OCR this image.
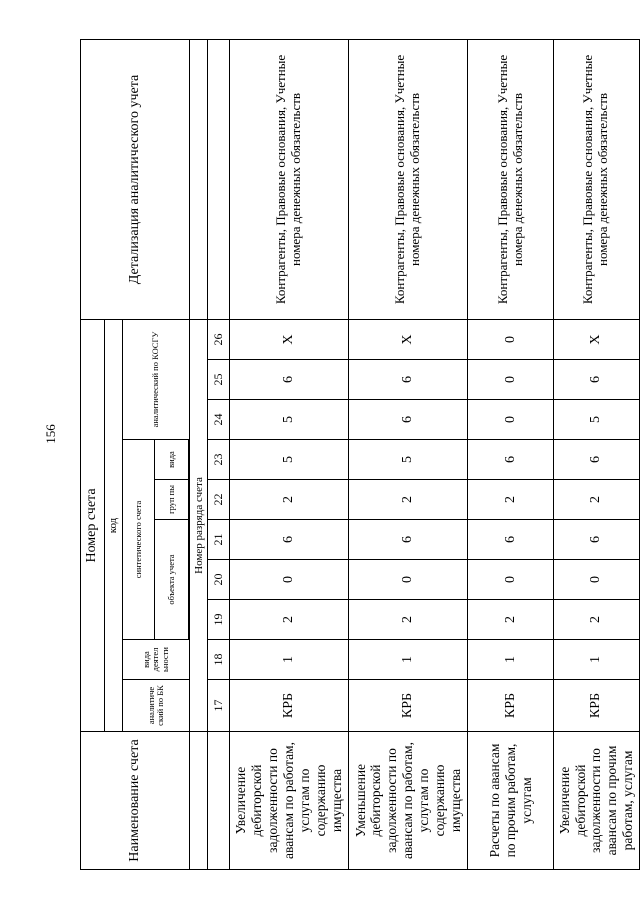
156
Наименование счета	Номер счета										Детализация аналитического учета
	код										
	аналитиче ский по БК	вида деятел ьности	синтетического счета					аналитический по КОСГУ			
			объекта учета			груп пы	вида				

	Номер разряда счета										
	17	18	19	20	21	22	23	24	25	26	
Увеличение дебиторской задолженности по авансам по работам, услугам по содержанию имущества	КРБ	1	2	0	6	2	5	5	6	X	Контрагенты, Правовые основания, Учетные номера денежных обязательств
Уменьшение дебиторской задолженности по авансам по работам, услугам по содержанию имущества	КРБ	1	2	0	6	2	5	6	6	X	Контрагенты, Правовые основания, Учетные номера денежных обязательств
Расчеты по авансам по прочим работам, услугам	КРБ	1	2	0	6	2	6	0	0	0	Контрагенты, Правовые основания, Учетные номера денежных обязательств
Увеличение дебиторской задолженности по авансам по прочим работам, услугам	КРБ	1	2	0	6	2	6	5	6	X	Контрагенты, Правовые основания, Учетные номера денежных обязательств
